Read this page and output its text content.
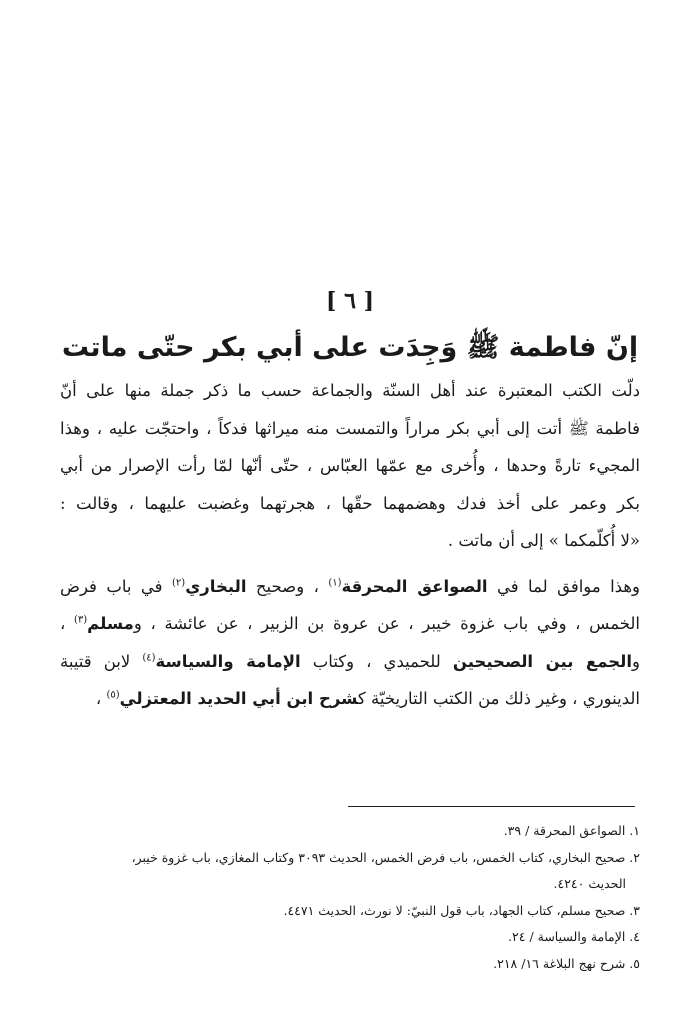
[ ٦ ]
إنّ فاطمة ﷺ وَجِدَت على أبي بكر حتّى ماتت
دلّت الكتب المعتبرة عند أهل السنّة والجماعة حسب ما ذكر جملة منها على أنّ
فاطمة ﷺ أتت إلى أبي بكر مراراً والتمست منه ميراثها فدكاً ، واحتجّت عليه ، وهذا
المجيء تارةً وحدها ، وأُخرى مع عمّها العبّاس ، حتّى أنّها لمّا رأت الإصرار من أبي
بكر وعمر على أخذ فدك وهضمهما حقّها ، هجرتهما وغضبت عليهما ، وقالت :
«لا أُكلّمكما » إلى أن ماتت .
وهذا موافق لما في الصواعق المحرقة$^{(١)}$ ، وصحيح البخاري$^{(٢)}$ في باب فرض
الخمس ، وفي باب غزوة خيبر ، عن عروة بن الزبير ، عن عائشة ، ومسلم$^{(٣)}$ ،
والجمع بين الصحيحين للحميدي ، وكتاب الإمامة والسياسة$^{(٤)}$ لابن قتيبة
الدينوري ، وغير ذلك من الكتب التاريخيّة كشرح ابن أبي الحديد المعتزلي$^{(٥)}$ ،
١. الصواعق المحرقة / ٣٩.
٢. صحيح البخاري، كتاب الخمس، باب فرض الخمس، الحديث ٣٠٩٣ وكتاب المغازي، باب غزوة خيبر،
الحديث ٤٢٤٠.
٣. صحيح مسلم، كتاب الجهاد، باب قول النبيّ: لا نورث، الحديث ٤٤٧١.
٤. الإمامة والسياسة / ٢٤.
٥. شرح نهج البلاغة ١٦/ ٢١٨.
